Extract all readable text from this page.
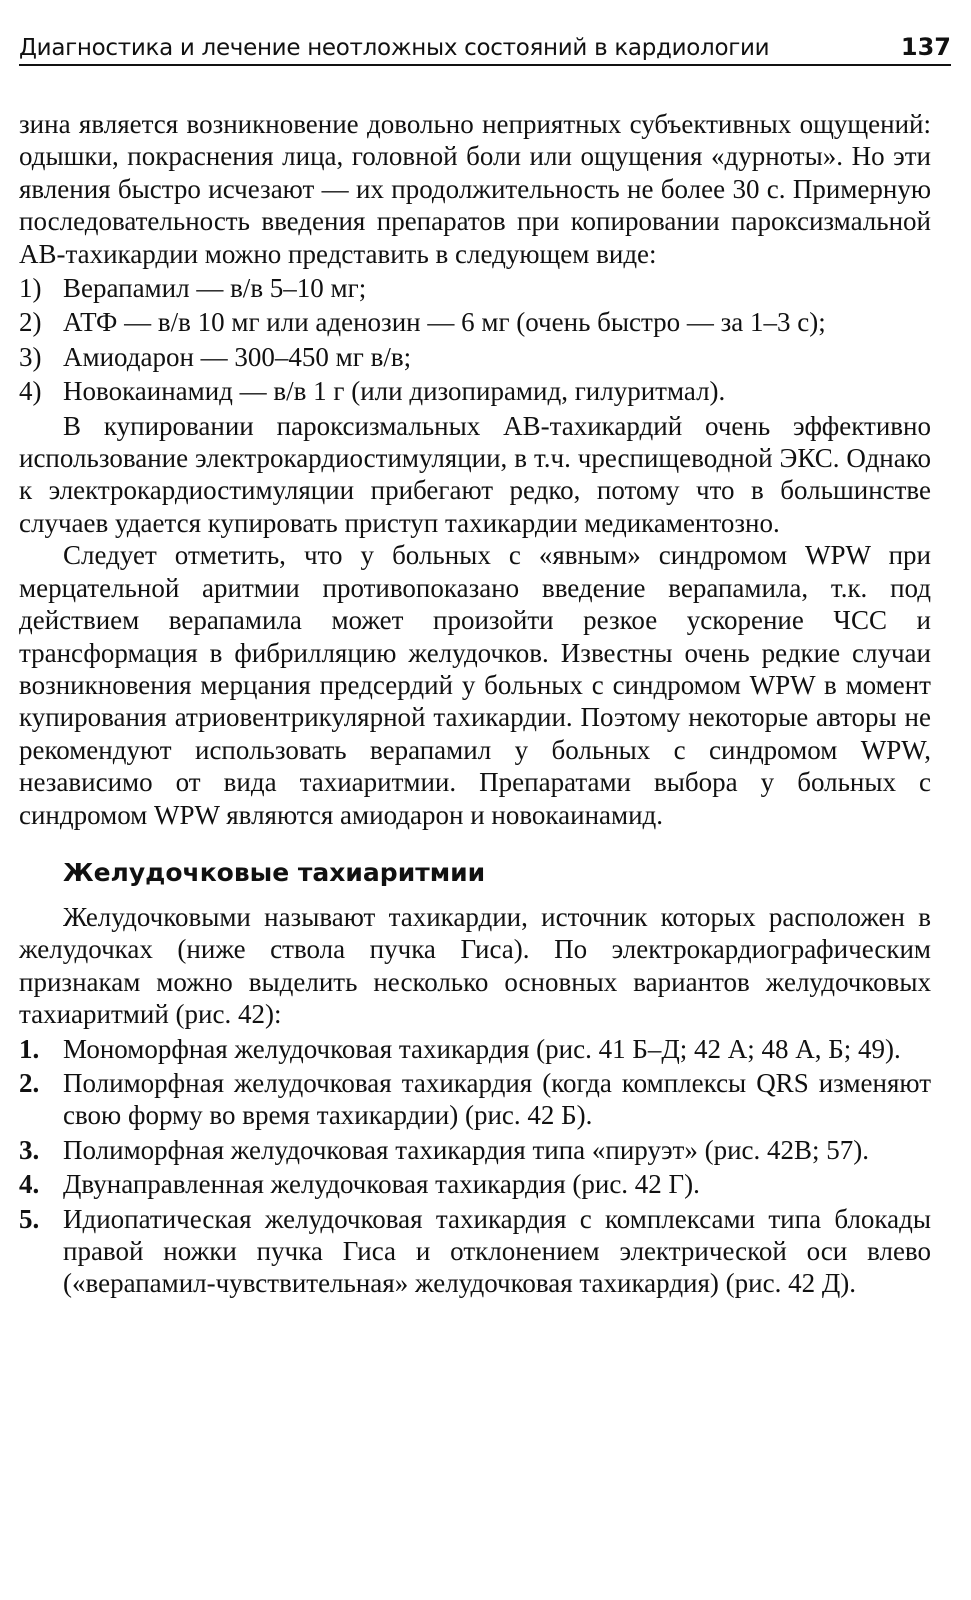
Диагностика и лечение неотложных состояний в кардиологии	137

зина является возникновение довольно неприятных субъективных ощущений: одышки, покраснения лица, головной боли или ощущения «дурноты». Но эти явления быстро исчезают — их продолжительность не более 30 с. Примерную последовательность введения препаратов при копировании пароксизмальной АВ-тахикардии можно представить в следующем виде:

1) Верапамил — в/в 5–10 мг;
2) АТФ — в/в 10 мг или аденозин — 6 мг (очень быстро — за 1–3 с);
3) Амиодарон — 300–450 мг в/в;
4) Новокаинамид — в/в 1 г (или дизопирамид, гилуритмал).

В купировании пароксизмальных АВ-тахикардий очень эффективно использование электрокардиостимуляции, в т.ч. чреспищеводной ЭКС. Однако к электрокардиостимуляции прибегают редко, потому что в большинстве случаев удается купировать приступ тахикардии медикаментозно.

Следует отметить, что у больных с «явным» синдромом WPW при мерцательной аритмии противопоказано введение верапамила, т.к. под действием верапамила может произойти резкое ускорение ЧСС и трансформация в фибрилляцию желудочков. Известны очень редкие случаи возникновения мерцания предсердий у больных с синдромом WPW в момент купирования атриовентрикулярной тахикардии. Поэтому некоторые авторы не рекомендуют использовать верапамил у больных с синдромом WPW, независимо от вида тахиаритмии. Препаратами выбора у больных с синдромом WPW являются амиодарон и новокаинамид.

Желудочковые тахиаритмии

Желудочковыми называют тахикардии, источник которых расположен в желудочках (ниже ствола пучка Гиса). По электрокардиографическим признакам можно выделить несколько основных вариантов желудочковых тахиаритмий (рис. 42):

1. Мономорфная желудочковая тахикардия (рис. 41 Б–Д; 42 А; 48 А, Б; 49).
2. Полиморфная желудочковая тахикардия (когда комплексы QRS изменяют свою форму во время тахикардии) (рис. 42 Б).
3. Полиморфная желудочковая тахикардия типа «пируэт» (рис. 42В; 57).
4. Двунаправленная желудочковая тахикардия (рис. 42 Г).
5. Идиопатическая желудочковая тахикардия с комплексами типа блокады правой ножки пучка Гиса и отклонением электрической оси влево («верапамил-чувствительная» желудочковая тахикардия) (рис. 42 Д).
